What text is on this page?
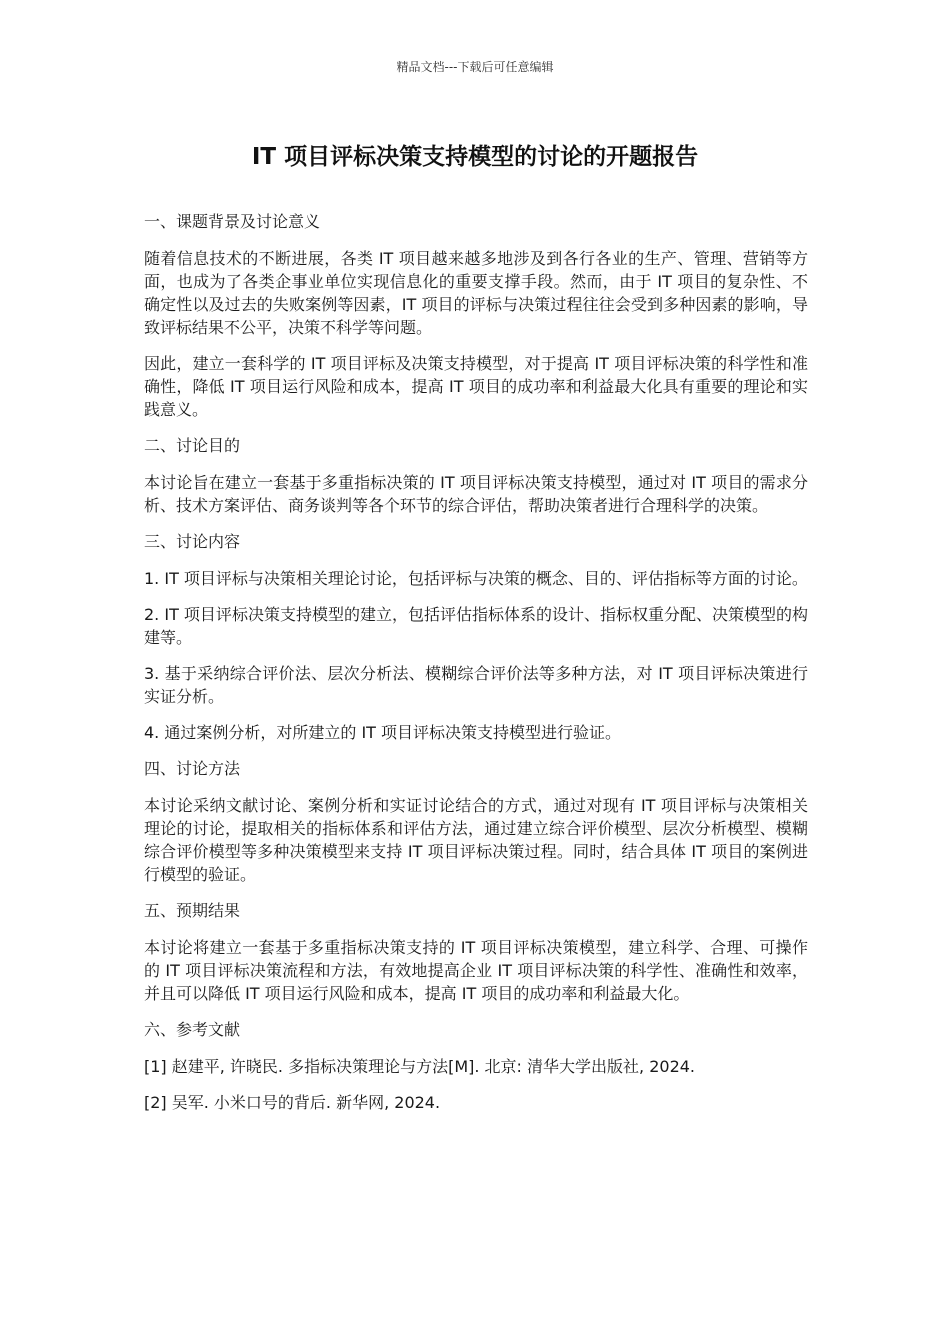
精品文档---下载后可任意编辑
IT 项目评标决策支持模型的讨论的开题报告

一、课题背景及讨论意义

随着信息技术的不断进展，各类 IT 项目越来越多地涉及到各行各业的生产、管理、营销等方面，也成为了各类企事业单位实现信息化的重要支撑手段。然而，由于 IT 项目的复杂性、不确定性以及过去的失败案例等因素，IT 项目的评标与决策过程往往会受到多种因素的影响，导致评标结果不公平，决策不科学等问题。

因此，建立一套科学的 IT 项目评标及决策支持模型，对于提高 IT 项目评标决策的科学性和准确性，降低 IT 项目运行风险和成本，提高 IT 项目的成功率和利益最大化具有重要的理论和实践意义。

二、讨论目的

本讨论旨在建立一套基于多重指标决策的 IT 项目评标决策支持模型，通过对 IT 项目的需求分析、技术方案评估、商务谈判等各个环节的综合评估，帮助决策者进行合理科学的决策。

三、讨论内容

1. IT 项目评标与决策相关理论讨论，包括评标与决策的概念、目的、评估指标等方面的讨论。

2. IT 项目评标决策支持模型的建立，包括评估指标体系的设计、指标权重分配、决策模型的构建等。

3. 基于采纳综合评价法、层次分析法、模糊综合评价法等多种方法，对 IT 项目评标决策进行实证分析。

4. 通过案例分析，对所建立的 IT 项目评标决策支持模型进行验证。

四、讨论方法

本讨论采纳文献讨论、案例分析和实证讨论结合的方式，通过对现有 IT 项目评标与决策相关理论的讨论，提取相关的指标体系和评估方法，通过建立综合评价模型、层次分析模型、模糊综合评价模型等多种决策模型来支持 IT 项目评标决策过程。同时，结合具体 IT 项目的案例进行模型的验证。

五、预期结果

本讨论将建立一套基于多重指标决策支持的 IT 项目评标决策模型，建立科学、合理、可操作的 IT 项目评标决策流程和方法，有效地提高企业 IT 项目评标决策的科学性、准确性和效率，并且可以降低 IT 项目运行风险和成本，提高 IT 项目的成功率和利益最大化。

六、参考文献

[1] 赵建平, 许晓民. 多指标决策理论与方法[M]. 北京: 清华大学出版社, 2024.

[2] 吴军. 小米口号的背后. 新华网, 2024.
